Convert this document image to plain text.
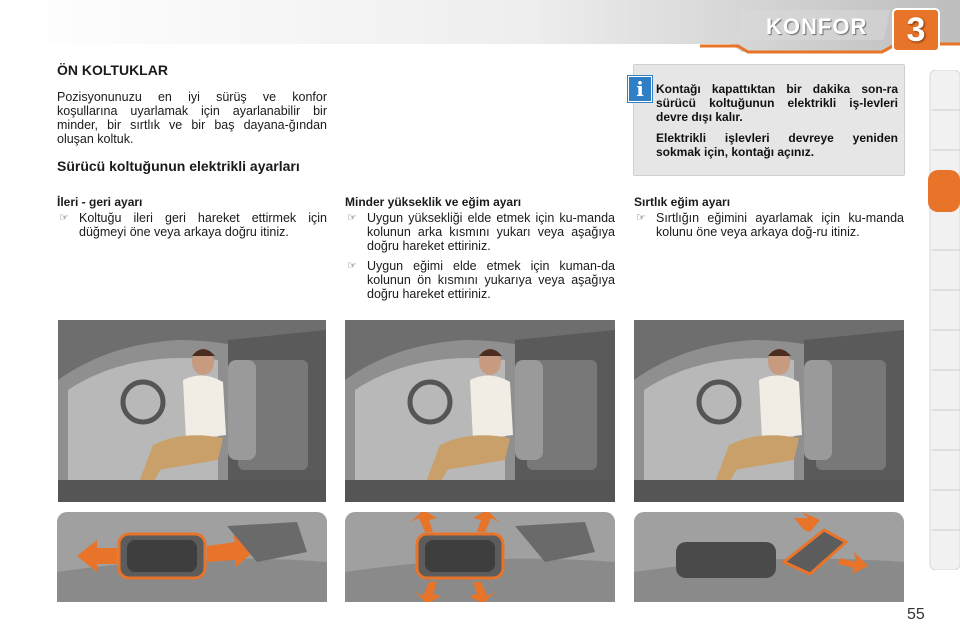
KONFOR	3
ÖN KOLTUKLAR
Pozisyonunuzu en iyi sürüş ve konfor koşullarına uyarlamak için ayarlanabilir bir minder, bir sırtlık ve bir baş dayana-ğından oluşan koltuk.
Sürücü koltuğunun elektrikli ayarları
i	Kontağı kapattıktan bir dakika son-ra sürücü koltuğunun elektrikli iş-levleri devre dışı kalır.

Elektrikli işlevleri devreye yeniden sokmak için, kontağı açınız.

İleri - geri ayarı
☞ Koltuğu ileri geri hareket ettirmek için düğmeyi öne veya arkaya doğru itiniz.
Minder yükseklik ve eğim ayarı
☞ Uygun yüksekliği elde etmek için ku-manda kolunun arka kısmını yukarı veya aşağıya doğru hareket ettiriniz.
☞ Uygun eğimi elde etmek için kuman-da kolunun ön kısmını yukarıya veya aşağıya doğru hareket ettiriniz.
Sırtlık eğim ayarı
☞ Sırtlığın eğimini ayarlamak için ku-manda kolunu öne veya arkaya doğ-ru itiniz.
55
